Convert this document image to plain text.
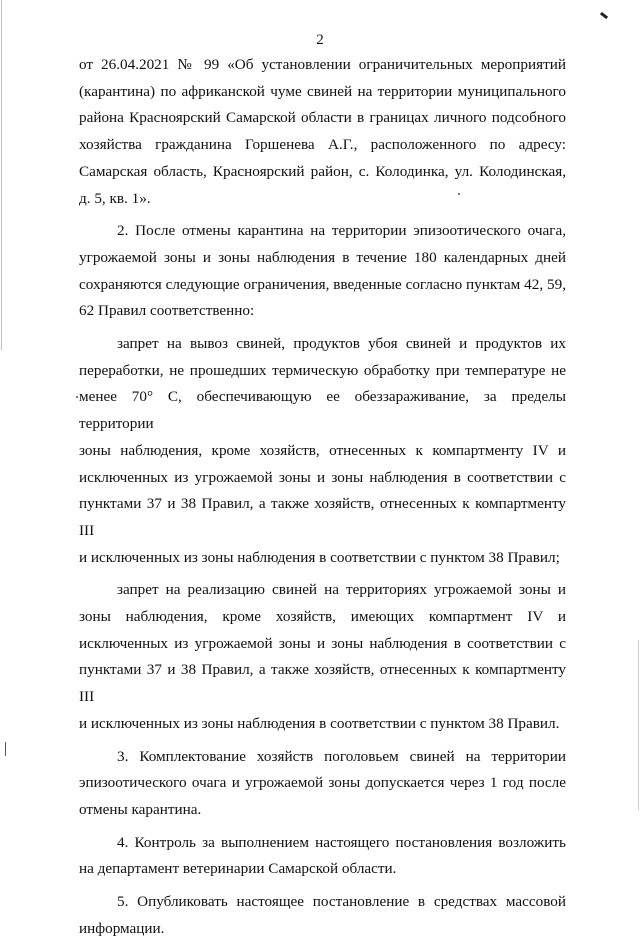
2

от 26.04.2021 № 99 «Об установлении ограничительных мероприятий

(карантина) по африканской чуме свиней на территории муниципального

района Красноярский Самарской области в границах личного подсобного

хозяйства гражданина Горшенева А.Г., расположенного по адресу:

Самарская область, Красноярский район, с. Колодинка, ул. Колодинская,

д. 5, кв. 1».

2. После отмены карантина на территории эпизоотического очага,

угрожаемой зоны и зоны наблюдения в течение 180 календарных дней

сохраняются следующие ограничения, введенные согласно пунктам 42, 59,

62 Правил соответственно:

запрет на вывоз свиней, продуктов убоя свиней и продуктов их

переработки, не прошедших термическую обработку при температуре не

менее 70° С, обеспечивающую ее обеззараживание, за пределы территории

зоны наблюдения, кроме хозяйств, отнесенных к компартменту IV и

исключенных из угрожаемой зоны и зоны наблюдения в соответствии с

пунктами 37 и 38 Правил, а также хозяйств, отнесенных к компартменту III

и исключенных из зоны наблюдения в соответствии с пунктом 38 Правил;

запрет на реализацию свиней на территориях угрожаемой зоны и

зоны наблюдения, кроме хозяйств, имеющих компартмент IV и

исключенных из угрожаемой зоны и зоны наблюдения в соответствии с

пунктами 37 и 38 Правил, а также хозяйств, отнесенных к компартменту III

и исключенных из зоны наблюдения в соответствии с пунктом 38 Правил.

3. Комплектование хозяйств поголовьем свиней на территории

эпизоотического очага и угрожаемой зоны допускается через 1 год после

отмены карантина.

4. Контроль за выполнением настоящего постановления возложить

на департамент ветеринарии Самарской области.

5. Опубликовать настоящее постановление в средствах массовой

информации.
